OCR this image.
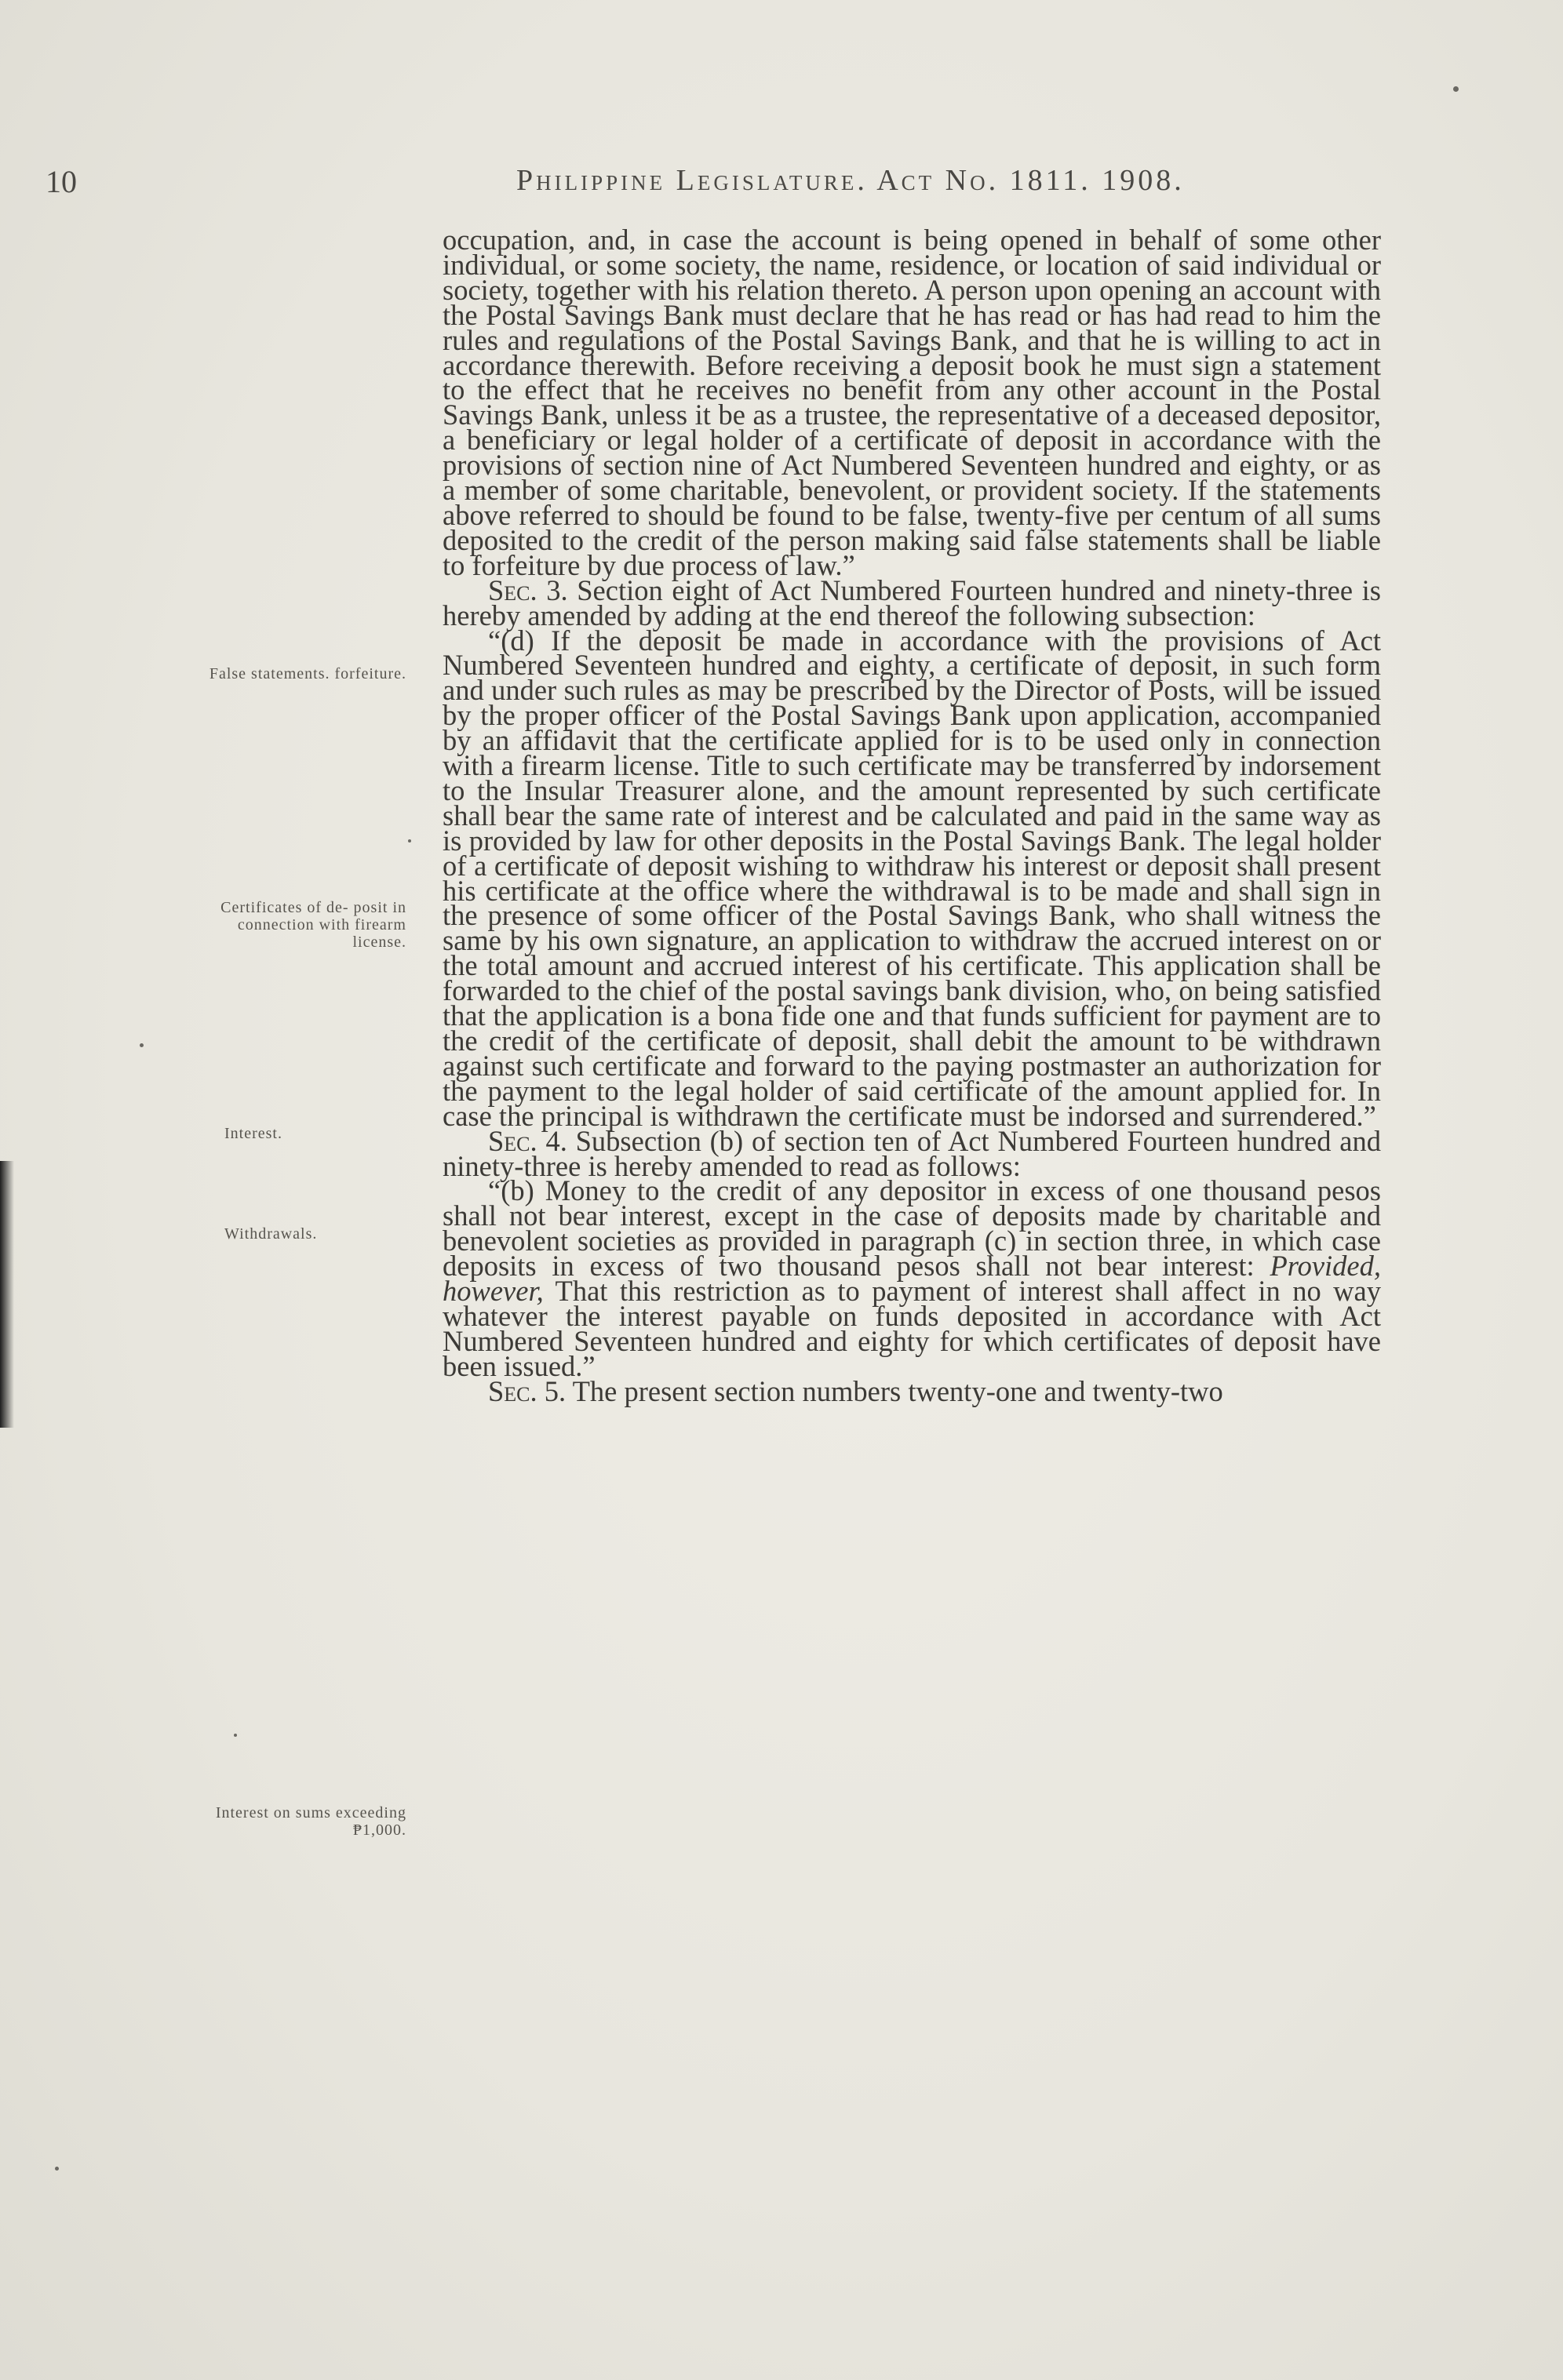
10	Philippine Legislature. Act No. 1811. 1908.
False statements. forfeiture.
Certificates of de- posit in connection with firearm license.
Interest.
Withdrawals.
Interest on sums exceeding ₱1,000.

occupation, and, in case the account is being opened in behalf of some other individual, or some society, the name, residence, or location of said individual or society, together with his relation thereto. A person upon opening an account with the Postal Savings Bank must declare that he has read or has had read to him the rules and regulations of the Postal Savings Bank, and that he is willing to act in accordance therewith. Before receiving a deposit book he must sign a statement to the effect that he receives no benefit from any other account in the Postal Savings Bank, unless it be as a trustee, the representative of a deceased depositor, a beneficiary or legal holder of a certificate of deposit in accordance with the provisions of section nine of Act Numbered Seventeen hundred and eighty, or as a member of some charitable, benevolent, or provident society. If the statements above referred to should be found to be false, twenty-five per centum of all sums deposited to the credit of the person making said false statements shall be liable to forfeiture by due process of law.”

Sec. 3. Section eight of Act Numbered Fourteen hundred and ninety-three is hereby amended by adding at the end thereof the following subsection:

“(d) If the deposit be made in accordance with the provisions of Act Numbered Seventeen hundred and eighty, a certificate of deposit, in such form and under such rules as may be prescribed by the Director of Posts, will be issued by the proper officer of the Postal Savings Bank upon application, accompanied by an affidavit that the certificate applied for is to be used only in connection with a firearm license. Title to such certificate may be transferred by indorsement to the Insular Treasurer alone, and the amount represented by such certificate shall bear the same rate of interest and be calculated and paid in the same way as is provided by law for other deposits in the Postal Savings Bank. The legal holder of a certificate of deposit wishing to withdraw his interest or deposit shall present his certificate at the office where the withdrawal is to be made and shall sign in the presence of some officer of the Postal Savings Bank, who shall witness the same by his own signature, an application to withdraw the accrued interest on or the total amount and accrued interest of his certificate. This application shall be forwarded to the chief of the postal savings bank division, who, on being satisfied that the application is a bona fide one and that funds sufficient for payment are to the credit of the certificate of deposit, shall debit the amount to be withdrawn against such certificate and forward to the paying postmaster an authorization for the payment to the legal holder of said certificate of the amount applied for. In case the principal is withdrawn the certificate must be indorsed and surrendered.”

Sec. 4. Subsection (b) of section ten of Act Numbered Fourteen hundred and ninety-three is hereby amended to read as follows:

“(b) Money to the credit of any depositor in excess of one thousand pesos shall not bear interest, except in the case of deposits made by charitable and benevolent societies as provided in paragraph (c) in section three, in which case deposits in excess of two thousand pesos shall not bear interest: Provided, however, That this restriction as to payment of interest shall affect in no way whatever the interest payable on funds deposited in accordance with Act Numbered Seventeen hundred and eighty for which certificates of deposit have been issued.”

Sec. 5. The present section numbers twenty-one and twenty-two
